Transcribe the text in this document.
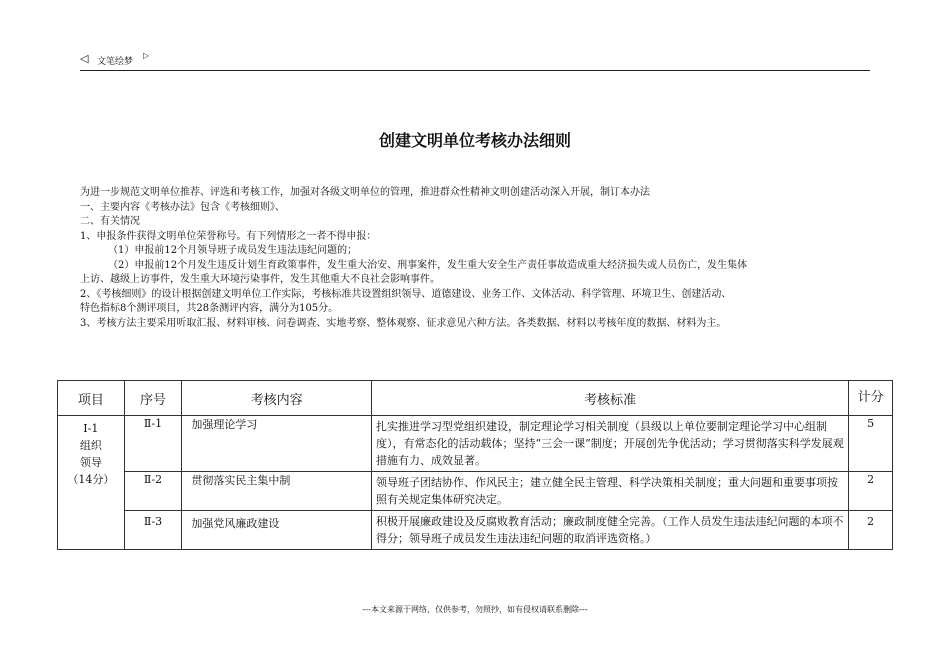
◁ 文笔绘梦
▷
创建文明单位考核办法细则
为进一步规范文明单位推荐、评选和考核工作，加强对各级文明单位的管理，推进群众性精神文明创建活动深入开展，制订本办法
一、主要内容《考核办法》包含《考核细则》、
二、有关情况
1、申报条件获得文明单位荣誉称号。有下列情形之一者不得申报：
（1）申报前12个月领导班子成员发生违法违纪问题的；
（2）申报前12个月发生违反计划生育政策事件，发生重大治安、刑事案件，发生重大安全生产责任事故造成重大经济损失或人员伤亡，发生集体
上访、越级上访事件，发生重大环境污染事件，发生其他重大不良社会影响事件。
2、《考核细则》的设计根据创建文明单位工作实际，考核标准共设置组织领导、道德建设、业务工作、文体活动、科学管理、环境卫生、创建活动、
特色指标8个测评项目，共28条测评内容，满分为105分。
3、考核方法主要采用听取汇报、材料审核、问卷调查、实地考察、整体观察、征求意见六种方法。各类数据、材料以考核年度的数据、材料为主。
项目	序号	考核内容	考核标准	计分
Ⅰ-1
组织
领导
（14分）	Ⅱ-1	加强理论学习	扎实推进学习型党组织建设，制定理论学习相关制度（县级以上单位要制定理论学习中心组制度），有常态化的活动载体；坚持“三会一课”制度；开展创先争优活动；学习贯彻落实科学发展观措施有力、成效显著。	5
	Ⅱ-2	贯彻落实民主集中制	领导班子团结协作、作风民主；建立健全民主管理、科学决策相关制度；重大问题和重要事项按照有关规定集体研究决定。	2
	Ⅱ-3	加强党风廉政建设	积极开展廉政建设及反腐败教育活动；廉政制度健全完善。（工作人员发生违法违纪问题的本项不得分；领导班子成员发生违法违纪问题的取消评选资格。）	2
---本文来源于网络，仅供参考，勿照抄，如有侵权请联系删除---
